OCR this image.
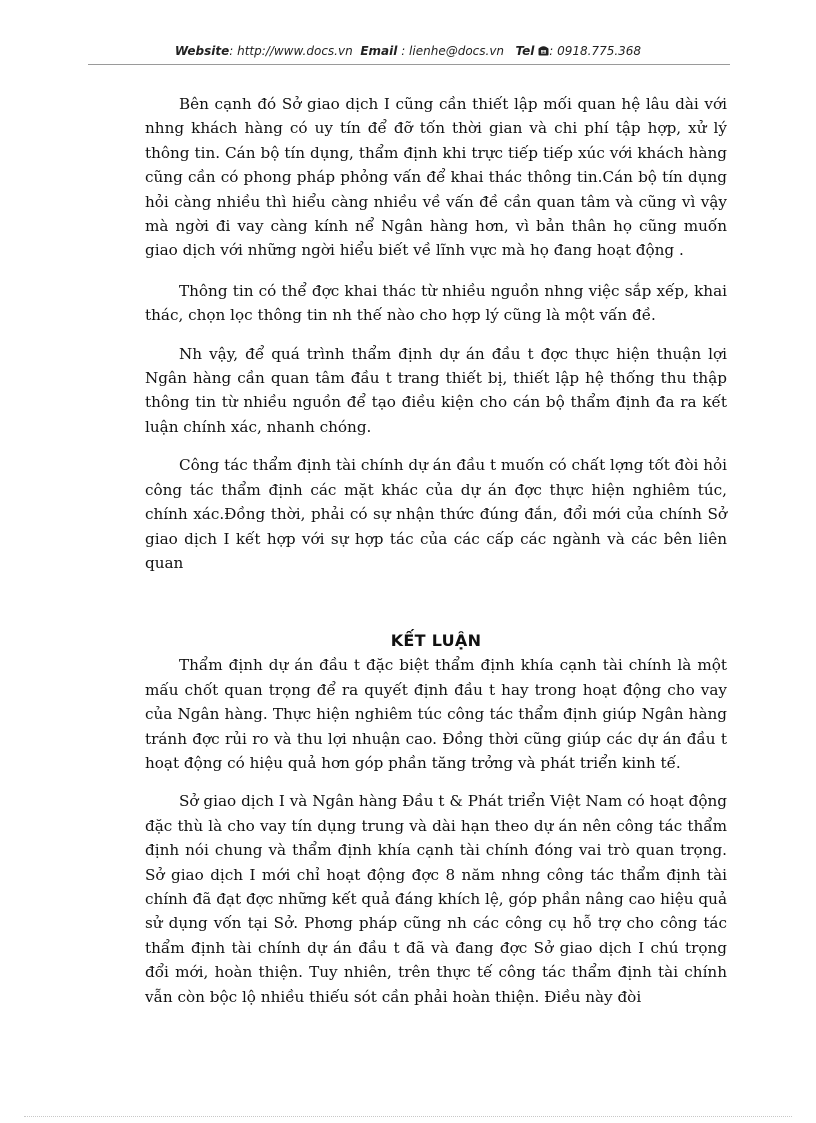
Website: http://www.docs.vn Email : lienhe@docs.vn Tel : 0918.775.368

Bên cạnh đó Sở giao dịch I cũng cần thiết lập mối quan hệ lâu dài với nhng khách hàng có uy tín để đỡ tốn thời gian và chi phí tập hợp, xử lý thông tin. Cán bộ tín dụng, thẩm định khi trực tiếp tiếp xúc với khách hàng cũng cần có phong pháp phỏng vấn để khai thác thông tin.Cán bộ tín dụng hỏi càng nhiều thì hiểu càng nhiều về vấn đề cần quan tâm và cũng vì vậy mà ngời đi vay càng kính nể Ngân hàng hơn, vì bản thân họ cũng muốn giao dịch với những ngời hiểu biết về lĩnh vực mà họ đang hoạt động .

Thông tin có thể đợc khai thác từ nhiều nguồn nhng việc sắp xếp, khai thác, chọn lọc thông tin nh thế nào cho hợp lý cũng là một vấn đề.

Nh vậy, để quá trình thẩm định dự án đầu t đợc thực hiện thuận lợi Ngân hàng cần quan tâm đầu t trang thiết bị, thiết lập hệ thống thu thập thông tin từ nhiều nguồn để tạo điều kiện cho cán bộ thẩm định đa ra kết luận chính xác, nhanh chóng.

Công tác thẩm định tài chính dự án đầu t muốn có chất lợng tốt đòi hỏi công tác thẩm định các mặt khác của dự án đợc thực hiện nghiêm túc, chính xác.Đồng thời, phải có sự nhận thức đúng đắn, đổi mới của chính Sở giao dịch I kết hợp với sự hợp tác của các cấp các ngành và các bên liên quan

KẾT LUẬN

Thẩm định dự án đầu t đặc biệt thẩm định khía cạnh tài chính là một mấu chốt quan trọng để ra quyết định đầu t hay trong hoạt động cho vay của Ngân hàng. Thực hiện nghiêm túc công tác thẩm định giúp Ngân hàng tránh đợc rủi ro và thu lợi nhuận cao. Đồng thời cũng giúp các dự án đầu t hoạt động có hiệu quả hơn góp phần tăng trởng và phát triển kinh tế.

Sở giao dịch I và Ngân hàng Đầu t & Phát triển Việt Nam có hoạt động đặc thù là cho vay tín dụng trung và dài hạn theo dự án nên công tác thẩm định nói chung và thẩm định khía cạnh tài chính đóng vai trò quan trọng. Sở giao dịch I mới chỉ hoạt động đợc 8 năm nhng công tác thẩm định tài chính đã đạt đợc những kết quả đáng khích lệ, góp phần nâng cao hiệu quả sử dụng vốn tại Sở. Phơng pháp cũng nh các công cụ hỗ trợ cho công tác thẩm định tài chính dự án đầu t đã và đang đợc Sở giao dịch I chú trọng đổi mới, hoàn thiện. Tuy nhiên, trên thực tế công tác thẩm định tài chính vẫn còn bộc lộ nhiều thiếu sót cần phải hoàn thiện. Điều này đòi
